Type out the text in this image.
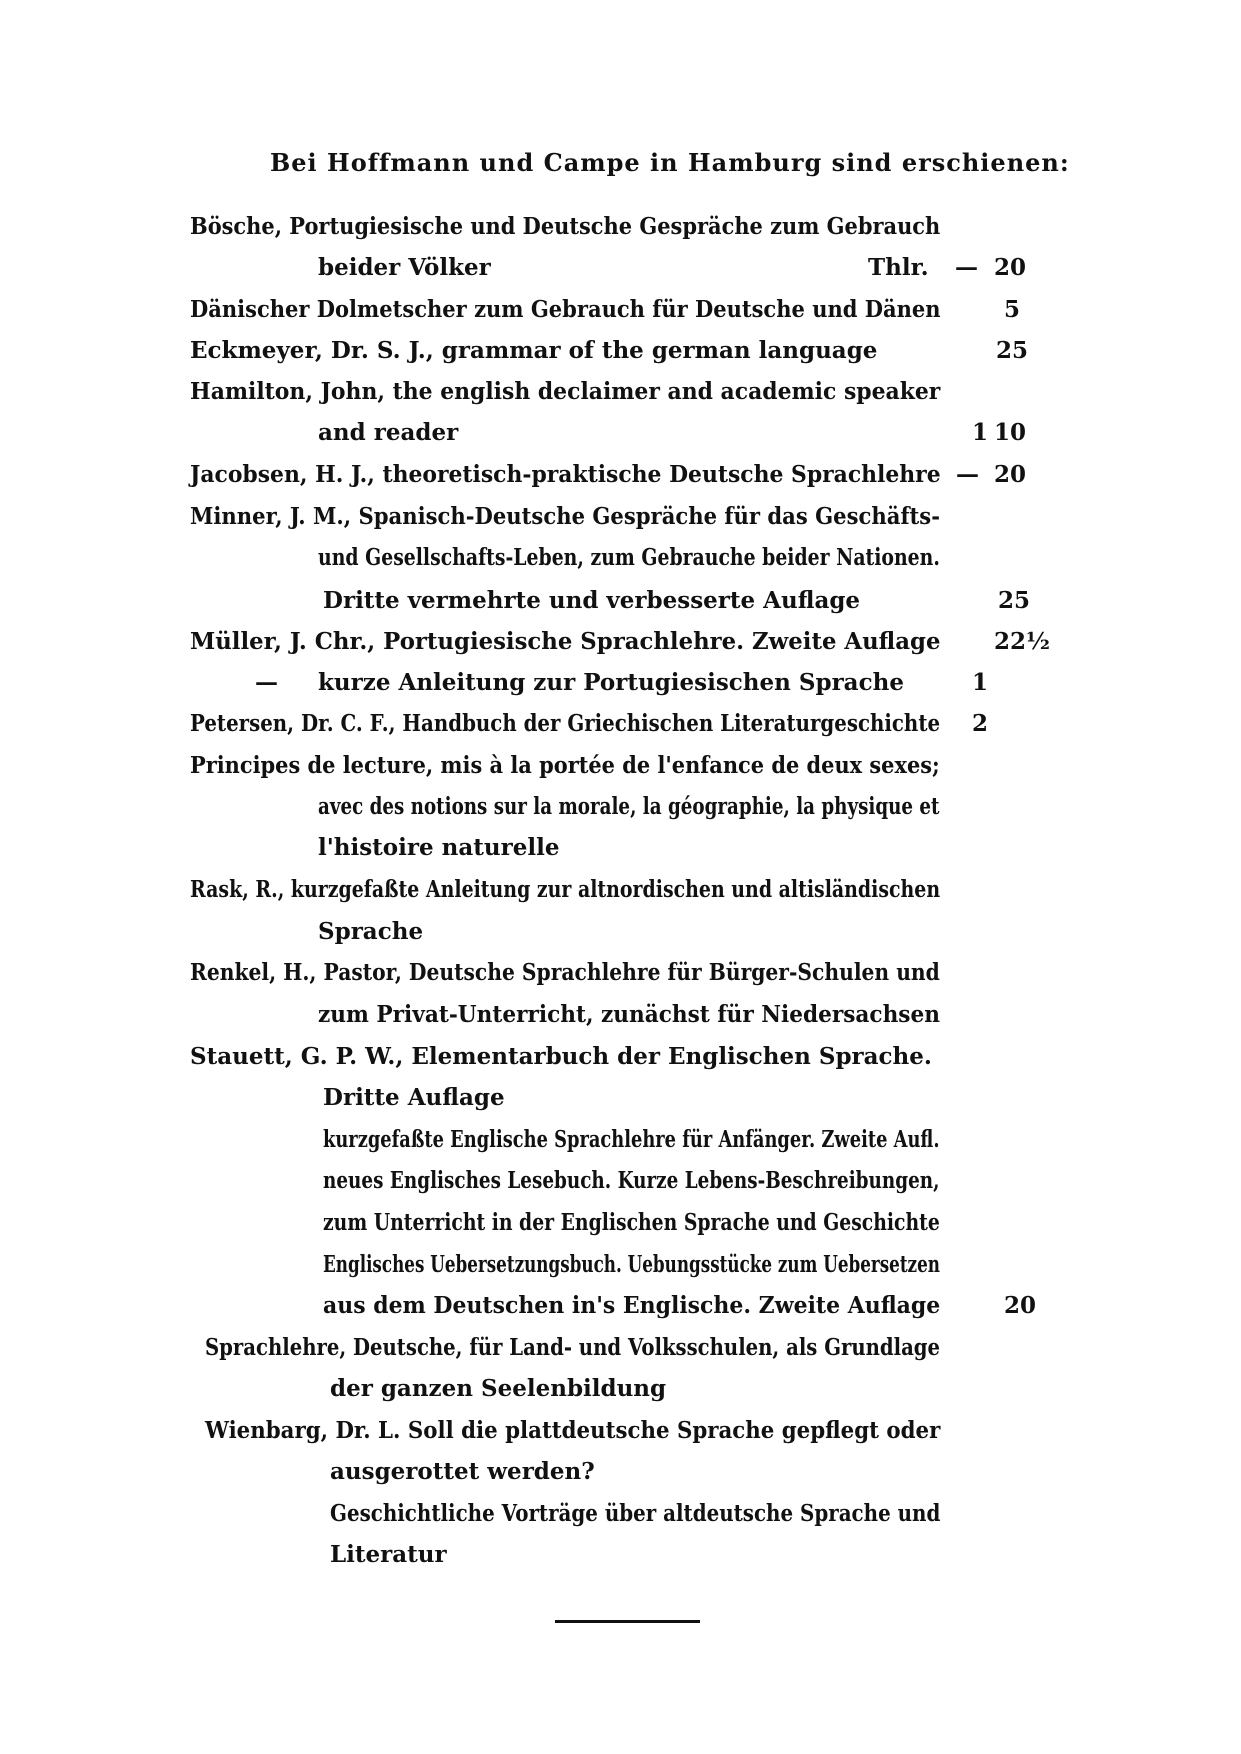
Bei Hoffmann und Campe in Hamburg sind erschienen:
Bösche, Portugiesische und Deutsche Gespräche zum Gebrauch
beider Völker	Thlr. — 20
Dänischer Dolmetscher zum Gebrauch für Deutsche und Dänen	5
Eckmeyer, Dr. S. J., grammar of the german language	25
Hamilton, John, the english declaimer and academic speaker
and reader	1 10
Jacobsen, H. J., theoretisch-praktische Deutsche Sprachlehre — 20
Minner, J. M., Spanisch-Deutsche Gespräche für das Geschäfts-
und Gesellschafts-Leben, zum Gebrauche beider Nationen.
Dritte vermehrte und verbesserte Auflage	25
Müller, J. Chr., Portugiesische Sprachlehre. Zweite Auflage 22½
— kurze Anleitung zur Portugiesischen Sprache	1
Petersen, Dr. C. F., Handbuch der Griechischen Literaturgeschichte 2
Principes de lecture, mis à la portée de l'enfance de deux sexes;
avec des notions sur la morale, la géographie, la physique et
l'histoire naturelle
Rask, R., kurzgefaßte Anleitung zur altnordischen und altisländischen
Sprache
Renkel, H., Pastor, Deutsche Sprachlehre für Bürger-Schulen und
zum Privat-Unterricht, zunächst für Niedersachsen
Stauett, G. P. W., Elementarbuch der Englischen Sprache.
Dritte Auflage
kurzgefaßte Englische Sprachlehre für Anfänger. Zweite Aufl.
neues Englisches Lesebuch. Kurze Lebens-Beschreibungen,
zum Unterricht in der Englischen Sprache und Geschichte
Englisches Uebersetzungsbuch. Uebungsstücke zum Uebersetzen
aus dem Deutschen in's Englische. Zweite Auflage	20
Sprachlehre, Deutsche, für Land- und Volksschulen, als Grundlage
der ganzen Seelenbildung
Wienbarg, Dr. L. Soll die plattdeutsche Sprache gepflegt oder
ausgerottet werden?
Geschichtliche Vorträge über altdeutsche Sprache und
Literatur
